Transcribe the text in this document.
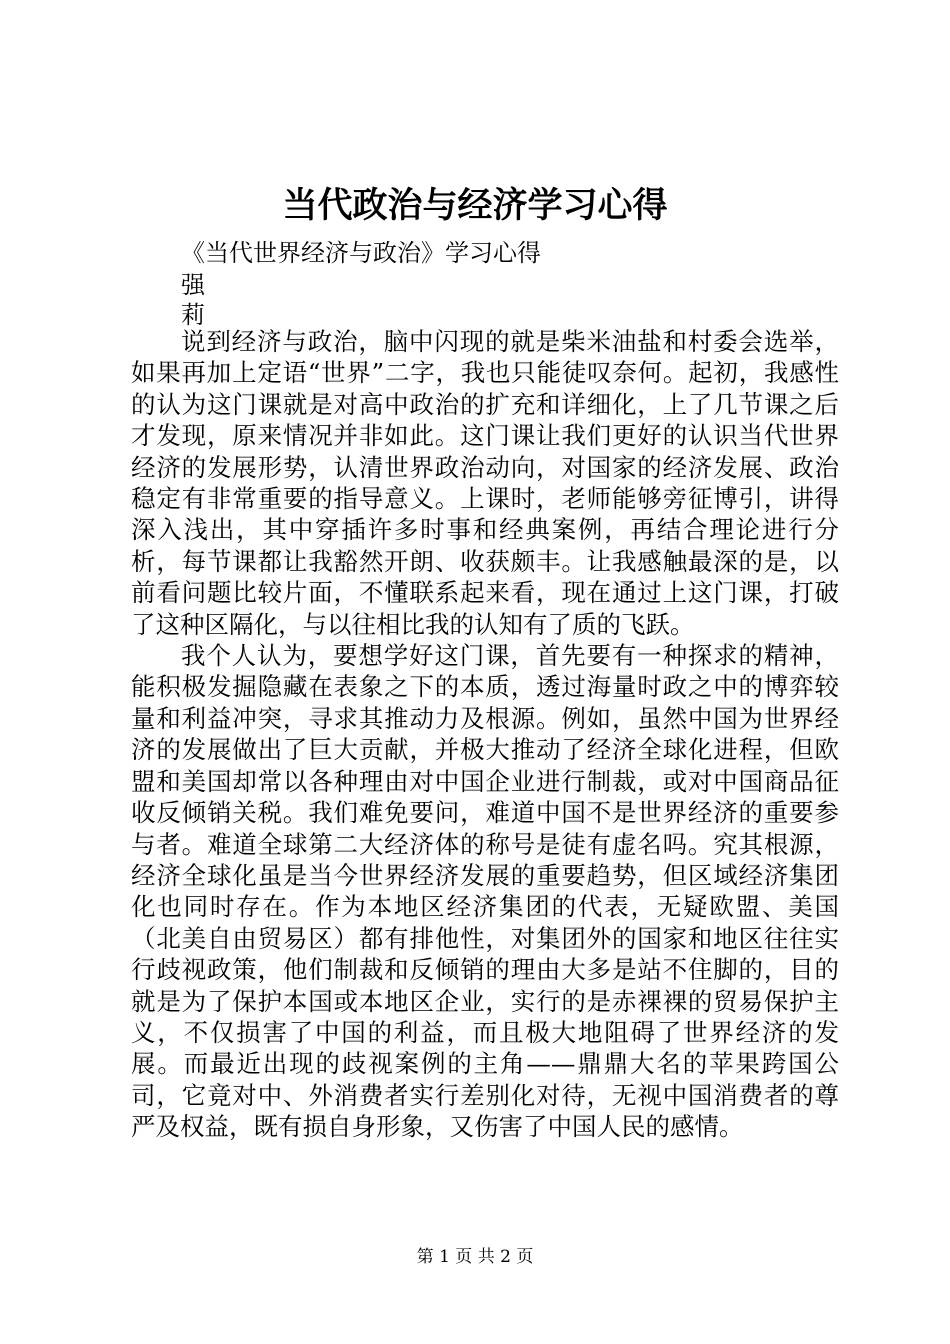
当代政治与经济学习心得
《当代世界经济与政治》学习心得
强
莉

说到经济与政治，脑中闪现的就是柴米油盐和村委会选举，如果再加上定语“世界”二字，我也只能徒叹奈何。起初，我感性的认为这门课就是对高中政治的扩充和详细化，上了几节课之后才发现，原来情况并非如此。这门课让我们更好的认识当代世界经济的发展形势，认清世界政治动向，对国家的经济发展、政治稳定有非常重要的指导意义。上课时，老师能够旁征博引，讲得深入浅出，其中穿插许多时事和经典案例，再结合理论进行分析，每节课都让我豁然开朗、收获颇丰。让我感触最深的是，以前看问题比较片面，不懂联系起来看，现在通过上这门课，打破了这种区隔化，与以往相比我的认知有了质的飞跃。

我个人认为，要想学好这门课，首先要有一种探求的精神，能积极发掘隐藏在表象之下的本质，透过海量时政之中的博弈较量和利益冲突，寻求其推动力及根源。例如，虽然中国为世界经济的发展做出了巨大贡献，并极大推动了经济全球化进程，但欧盟和美国却常以各种理由对中国企业进行制裁，或对中国商品征收反倾销关税。我们难免要问，难道中国不是世界经济的重要参与者。难道全球第二大经济体的称号是徒有虚名吗。究其根源，经济全球化虽是当今世界经济发展的重要趋势，但区域经济集团化也同时存在。作为本地区经济集团的代表，无疑欧盟、美国（北美自由贸易区）都有排他性，对集团外的国家和地区往往实行歧视政策，他们制裁和反倾销的理由大多是站不住脚的，目的就是为了保护本国或本地区企业，实行的是赤裸裸的贸易保护主义，不仅损害了中国的利益，而且极大地阻碍了世界经济的发展。而最近出现的歧视案例的主角——鼎鼎大名的苹果跨国公司，它竟对中、外消费者实行差别化对待，无视中国消费者的尊严及权益，既有损自身形象，又伤害了中国人民的感情。

第 1 页 共 2 页
